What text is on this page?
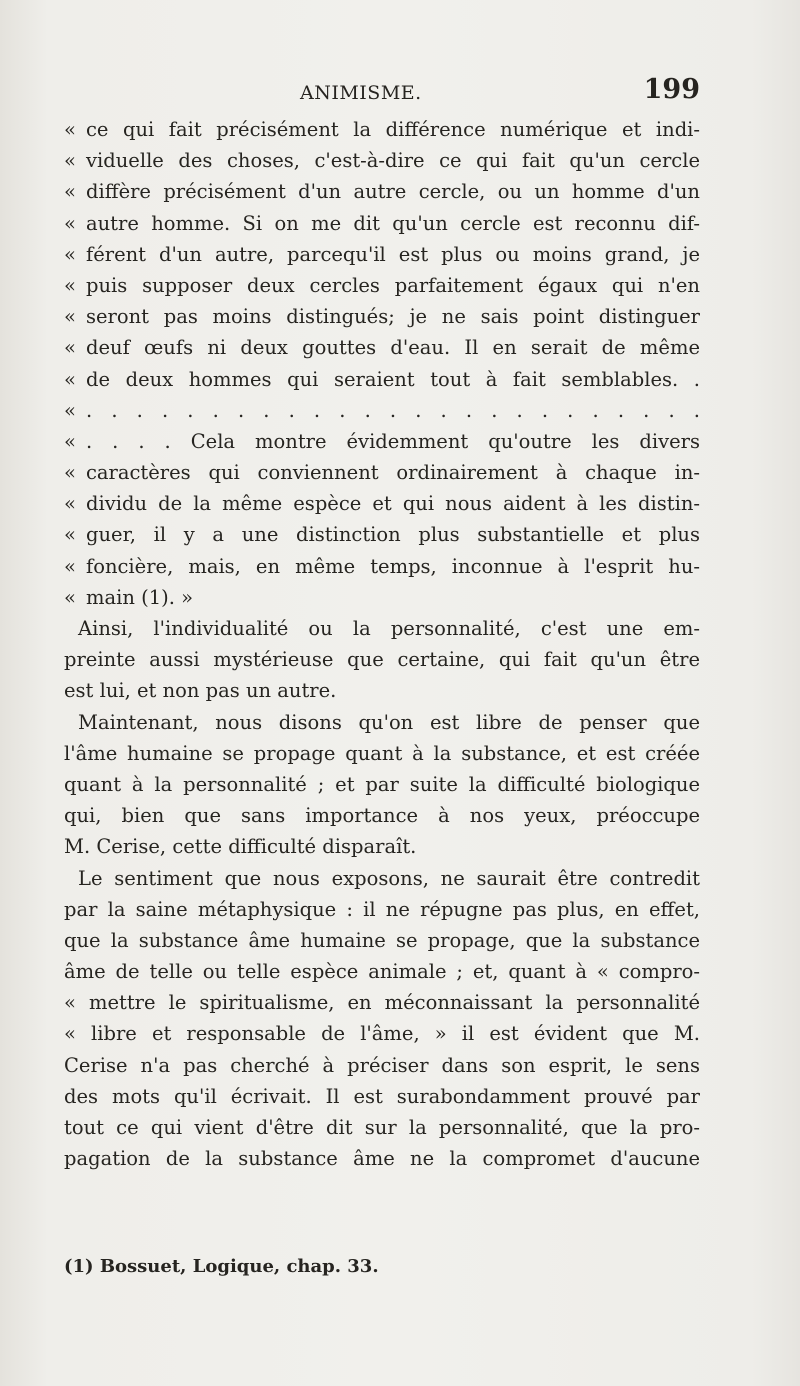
ANIMISME.	199
« ce qui fait précisément la différence numérique et indi-
« viduelle des choses, c'est-à-dire ce qui fait qu'un cercle
« diffère précisément d'un autre cercle, ou un homme d'un
« autre homme. Si on me dit qu'un cercle est reconnu dif-
« férent d'un autre, parcequ'il est plus ou moins grand, je
« puis supposer deux cercles parfaitement égaux qui n'en
« seront pas moins distingués; je ne sais point distinguer
« deuf œufs ni deux gouttes d'eau. Il en serait de même
« de deux hommes qui seraient tout à fait semblables. .
« . . . . . . . . . . . . . . . . . . . . . . . . .
« . . . . Cela montre évidemment qu'outre les divers
« caractères qui conviennent ordinairement à chaque in-
« dividu de la même espèce et qui nous aident à les distin-
« guer, il y a une distinction plus substantielle et plus
« foncière, mais, en même temps, inconnue à l'esprit hu-
« main (1). »
Ainsi, l'individualité ou la personnalité, c'est une em-
preinte aussi mystérieuse que certaine, qui fait qu'un être
est lui, et non pas un autre.
Maintenant, nous disons qu'on est libre de penser que
l'âme humaine se propage quant à la substance, et est créée
quant à la personnalité ; et par suite la difficulté biologique
qui, bien que sans importance à nos yeux, préoccupe
M. Cerise, cette difficulté disparaît.
Le sentiment que nous exposons, ne saurait être contredit
par la saine métaphysique : il ne répugne pas plus, en effet,
que la substance âme humaine se propage, que la substance
âme de telle ou telle espèce animale ; et, quant à « compro-
« mettre le spiritualisme, en méconnaissant la personnalité
« libre et responsable de l'âme, » il est évident que M.
Cerise n'a pas cherché à préciser dans son esprit, le sens
des mots qu'il écrivait. Il est surabondamment prouvé par
tout ce qui vient d'être dit sur la personnalité, que la pro-
pagation de la substance âme ne la compromet d'aucune
(1) Bossuet, Logique, chap. 33.
